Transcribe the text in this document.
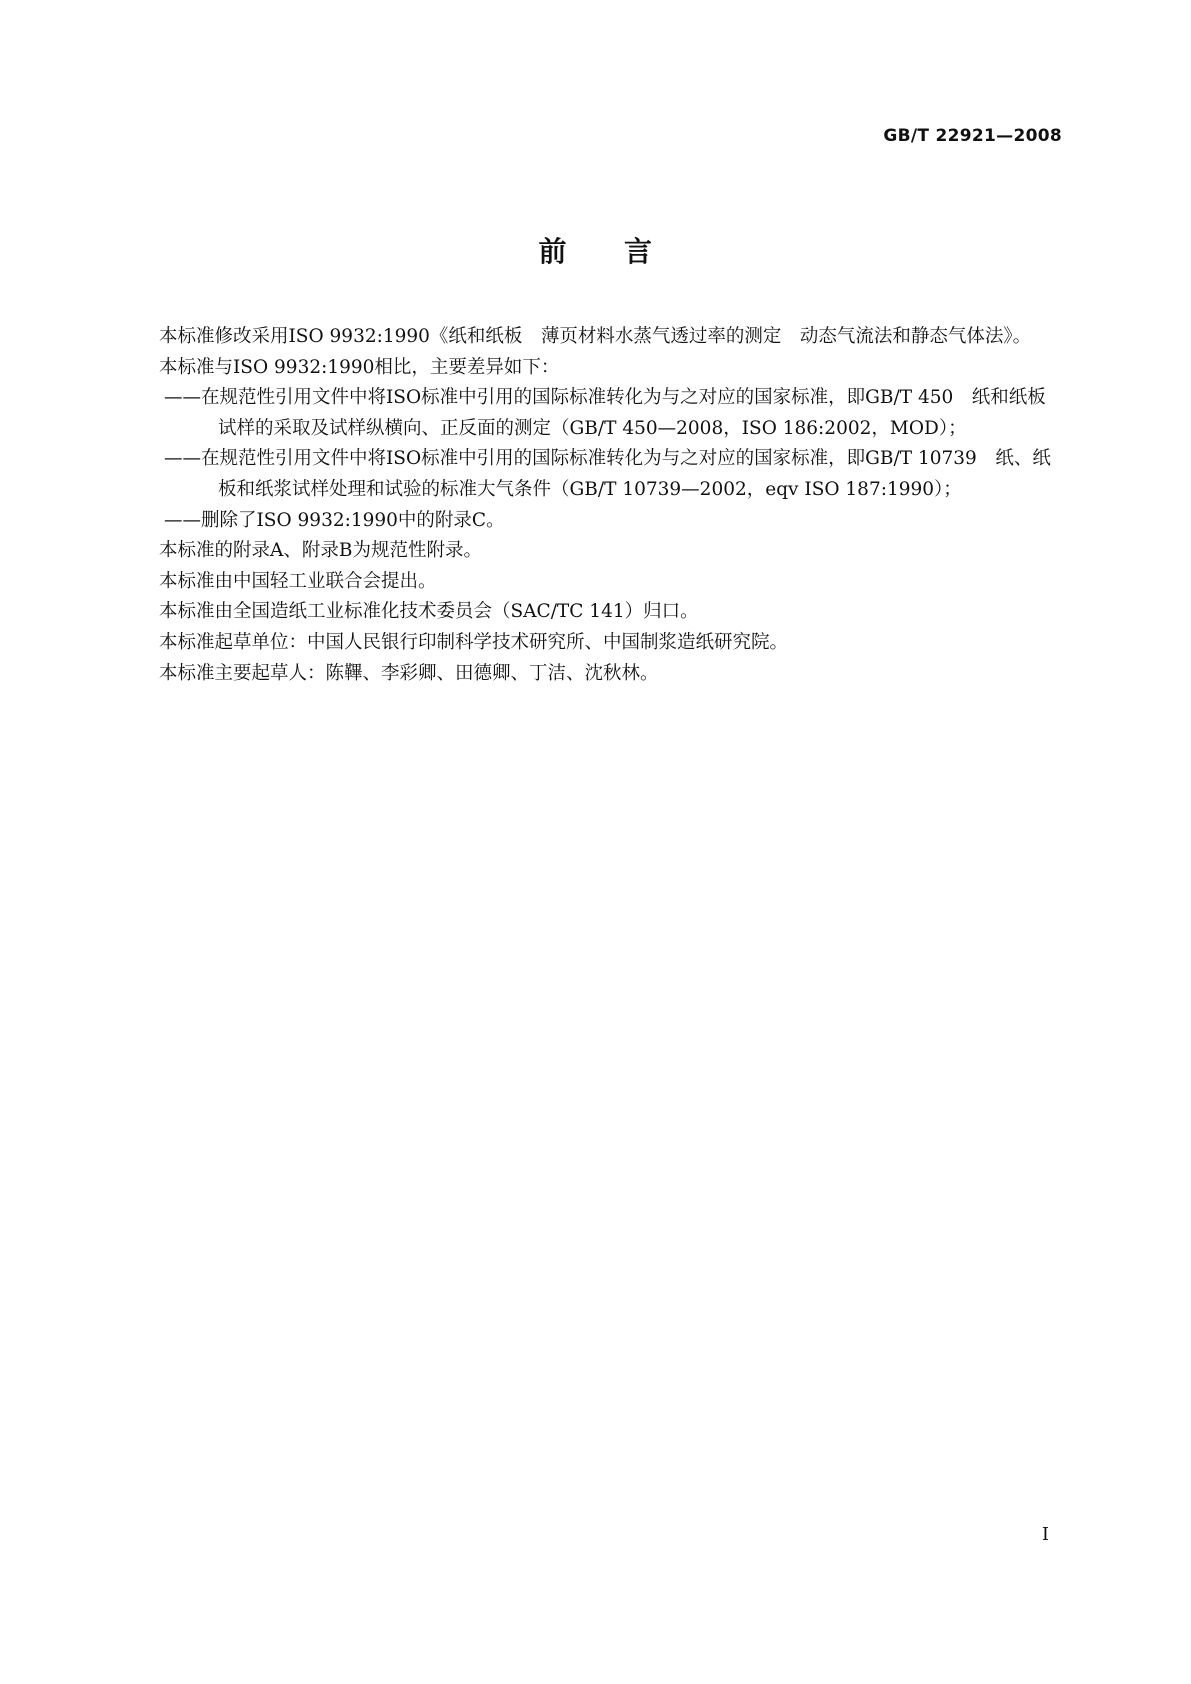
GB/T 22921—2008
前　　言

本标准修改采用ISO 9932:1990《纸和纸板　薄页材料水蒸气透过率的测定　动态气流法和静态气体法》。

本标准与ISO 9932:1990相比，主要差异如下：

——在规范性引用文件中将ISO标准中引用的国际标准转化为与之对应的国家标准，即GB/T 450　纸和纸板　试样的采取及试样纵横向、正反面的测定（GB/T 450—2008，ISO 186:2002，MOD）；

——在规范性引用文件中将ISO标准中引用的国际标准转化为与之对应的国家标准，即GB/T 10739　纸、纸板和纸浆试样处理和试验的标准大气条件（GB/T 10739—2002，eqv ISO 187:1990）；

——删除了ISO 9932:1990中的附录C。

本标准的附录A、附录B为规范性附录。

本标准由中国轻工业联合会提出。

本标准由全国造纸工业标准化技术委员会（SAC/TC 141）归口。

本标准起草单位：中国人民银行印制科学技术研究所、中国制浆造纸研究院。

本标准主要起草人：陈鞸、李彩卿、田德卿、丁洁、沈秋林。

I
